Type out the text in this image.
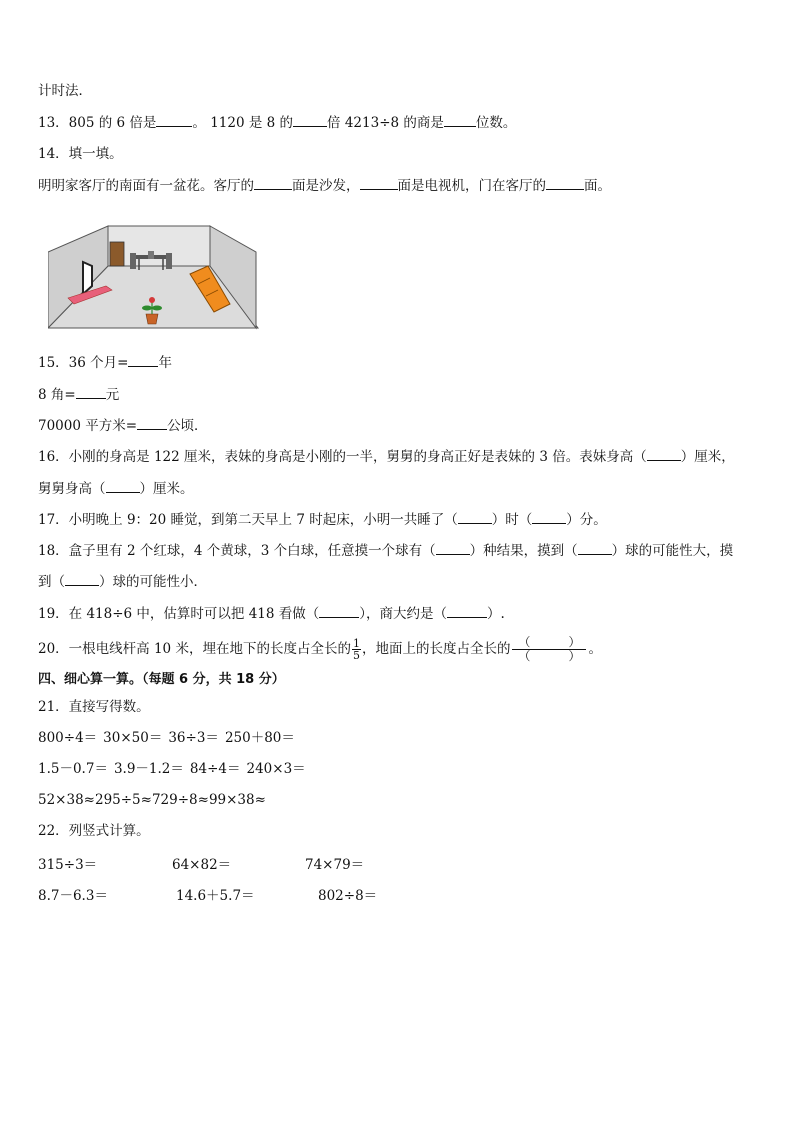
计时法．
13．805 的 6 倍是	。 1120 是 8 的	倍 4213÷8 的商是 位数。
14．填一填。
明明家客厅的南面有一盆花。客厅的	面是沙发，	面是电视机，门在客厅的	面。
15．36 个月= 年
8 角= 元
70000 平方米= 公顷．
16．小刚的身高是 122 厘米，表妹的身高是小刚的一半，舅舅的身高正好是表妹的 3 倍。表妹身高（	）厘米，
舅舅身高（	）厘米。
17．小明晚上 9：20 睡觉，到第二天早上 7 时起床，小明一共睡了（	）时（	）分。
18．盒子里有 2 个红球，4 个黄球，3 个白球，任意摸一个球有（	）种结果，摸到（	）球的可能性大，摸
到（	）球的可能性小．
19．在 418÷6 中，估算时可以把 418 看做（	），商大约是（	）.
20．一根电线杆高 10 米，埋在地下的长度占全长的 $\frac{1}{5}$ ，地面上的长度占全长的 （          ）
（          ） 。
四、细心算一算。（每题 6 分，共 18 分）
21．直接写得数。
800÷4＝ 30×50＝ 36÷3＝ 250＋80＝
1.5－0.7＝ 3.9－1.2＝ 84÷4＝ 240×3＝
52×38≈295÷5≈729÷8≈99×38≈
22．列竖式计算。
315÷3＝	64×82＝	74×79＝
8.7－6.3＝	14.6＋5.7＝	802÷8＝
